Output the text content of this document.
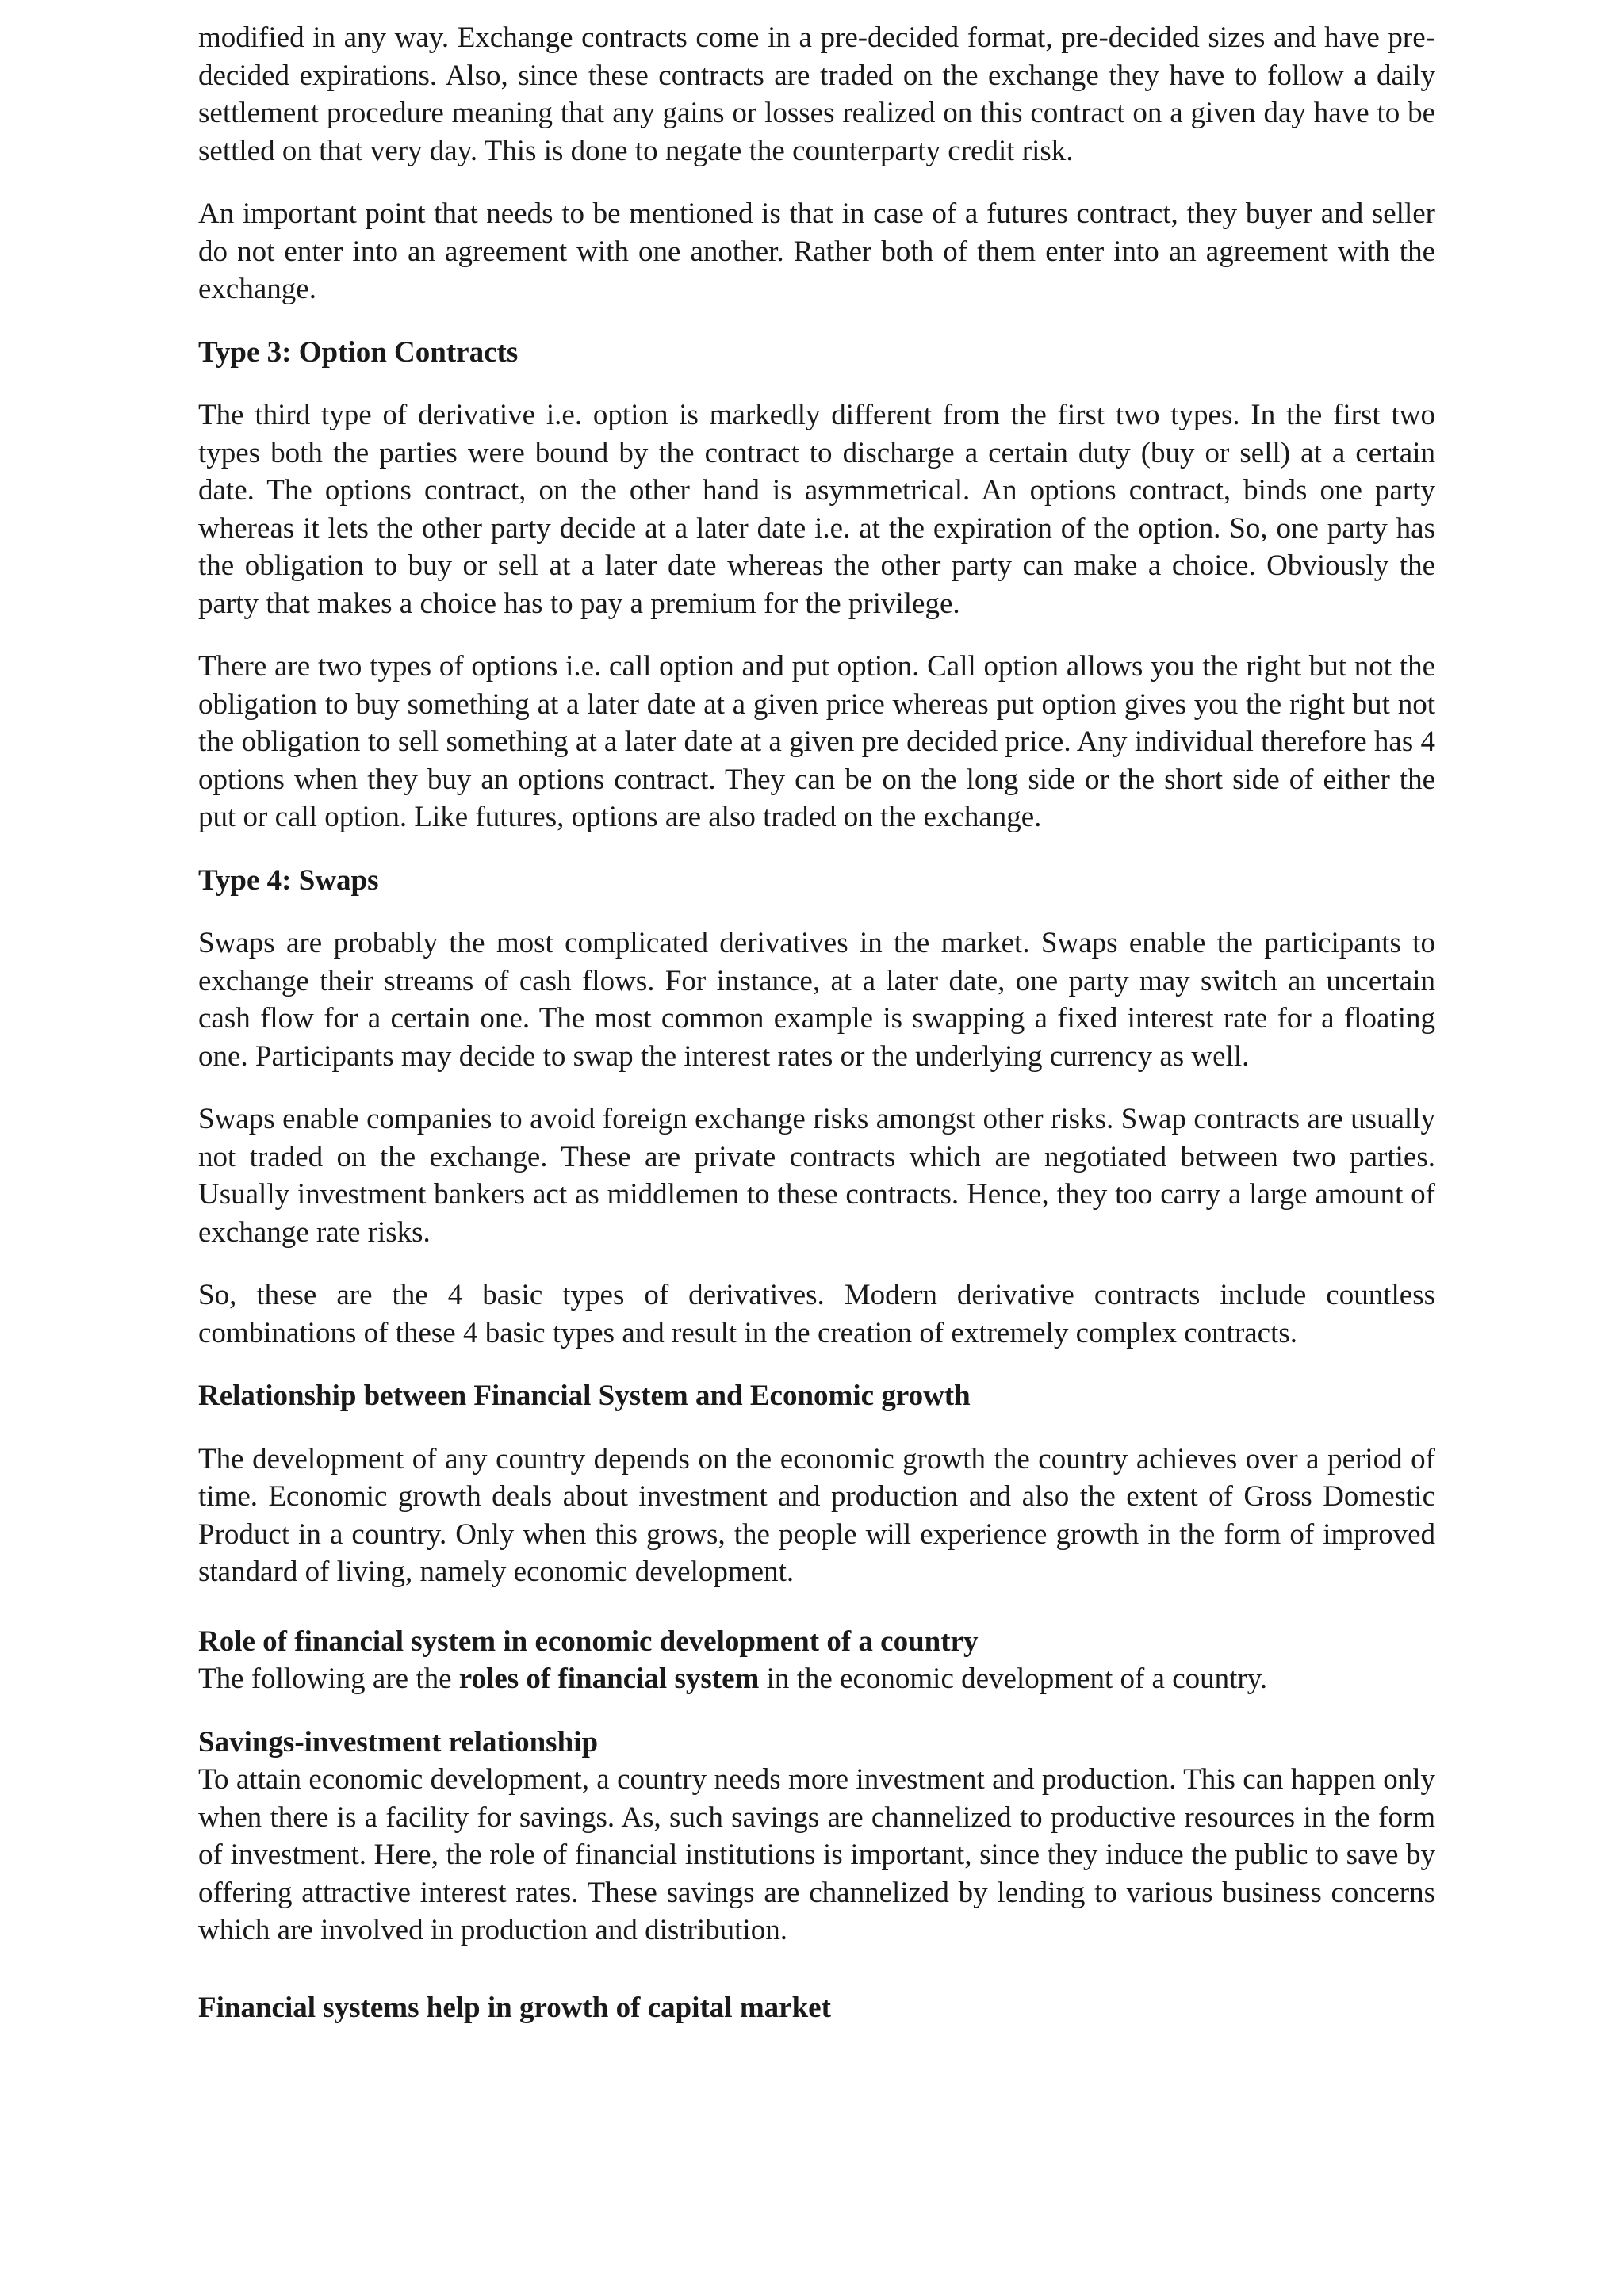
modified in any way. Exchange contracts come in a pre-decided format, pre-decided sizes and have pre-decided expirations. Also, since these contracts are traded on the exchange they have to follow a daily settlement procedure meaning that any gains or losses realized on this contract on a given day have to be settled on that very day. This is done to negate the counterparty credit risk.

An important point that needs to be mentioned is that in case of a futures contract, they buyer and seller do not enter into an agreement with one another. Rather both of them enter into an agreement with the exchange.

Type 3: Option Contracts

The third type of derivative i.e. option is markedly different from the first two types. In the first two types both the parties were bound by the contract to discharge a certain duty (buy or sell) at a certain date. The options contract, on the other hand is asymmetrical. An options contract, binds one party whereas it lets the other party decide at a later date i.e. at the expiration of the option. So, one party has the obligation to buy or sell at a later date whereas the other party can make a choice. Obviously the party that makes a choice has to pay a premium for the privilege.

There are two types of options i.e. call option and put option. Call option allows you the right but not the obligation to buy something at a later date at a given price whereas put option gives you the right but not the obligation to sell something at a later date at a given pre decided price. Any individual therefore has 4 options when they buy an options contract. They can be on the long side or the short side of either the put or call option. Like futures, options are also traded on the exchange.

Type 4: Swaps

Swaps are probably the most complicated derivatives in the market. Swaps enable the participants to exchange their streams of cash flows. For instance, at a later date, one party may switch an uncertain cash flow for a certain one. The most common example is swapping a fixed interest rate for a floating one. Participants may decide to swap the interest rates or the underlying currency as well.

Swaps enable companies to avoid foreign exchange risks amongst other risks. Swap contracts are usually not traded on the exchange. These are private contracts which are negotiated between two parties. Usually investment bankers act as middlemen to these contracts. Hence, they too carry a large amount of exchange rate risks.

So, these are the 4 basic types of derivatives. Modern derivative contracts include countless combinations of these 4 basic types and result in the creation of extremely complex contracts.

Relationship between Financial System and Economic growth

The development of any country depends on the economic growth the country achieves over a period of time. Economic growth deals about investment and production and also the extent of Gross Domestic Product in a country. Only when this grows, the people will experience growth in the form of improved standard of living, namely economic development.

Role of financial system in economic development of a country

The following are the roles of financial system in the economic development of a country.

Savings-investment relationship

To attain economic development, a country needs more investment and production. This can happen only when there is a facility for savings. As, such savings are channelized to productive resources in the form of investment. Here, the role of financial institutions is important, since they induce the public to save by offering attractive interest rates. These savings are channelized by lending to various business concerns which are involved in production and distribution.

Financial systems help in growth of capital market
